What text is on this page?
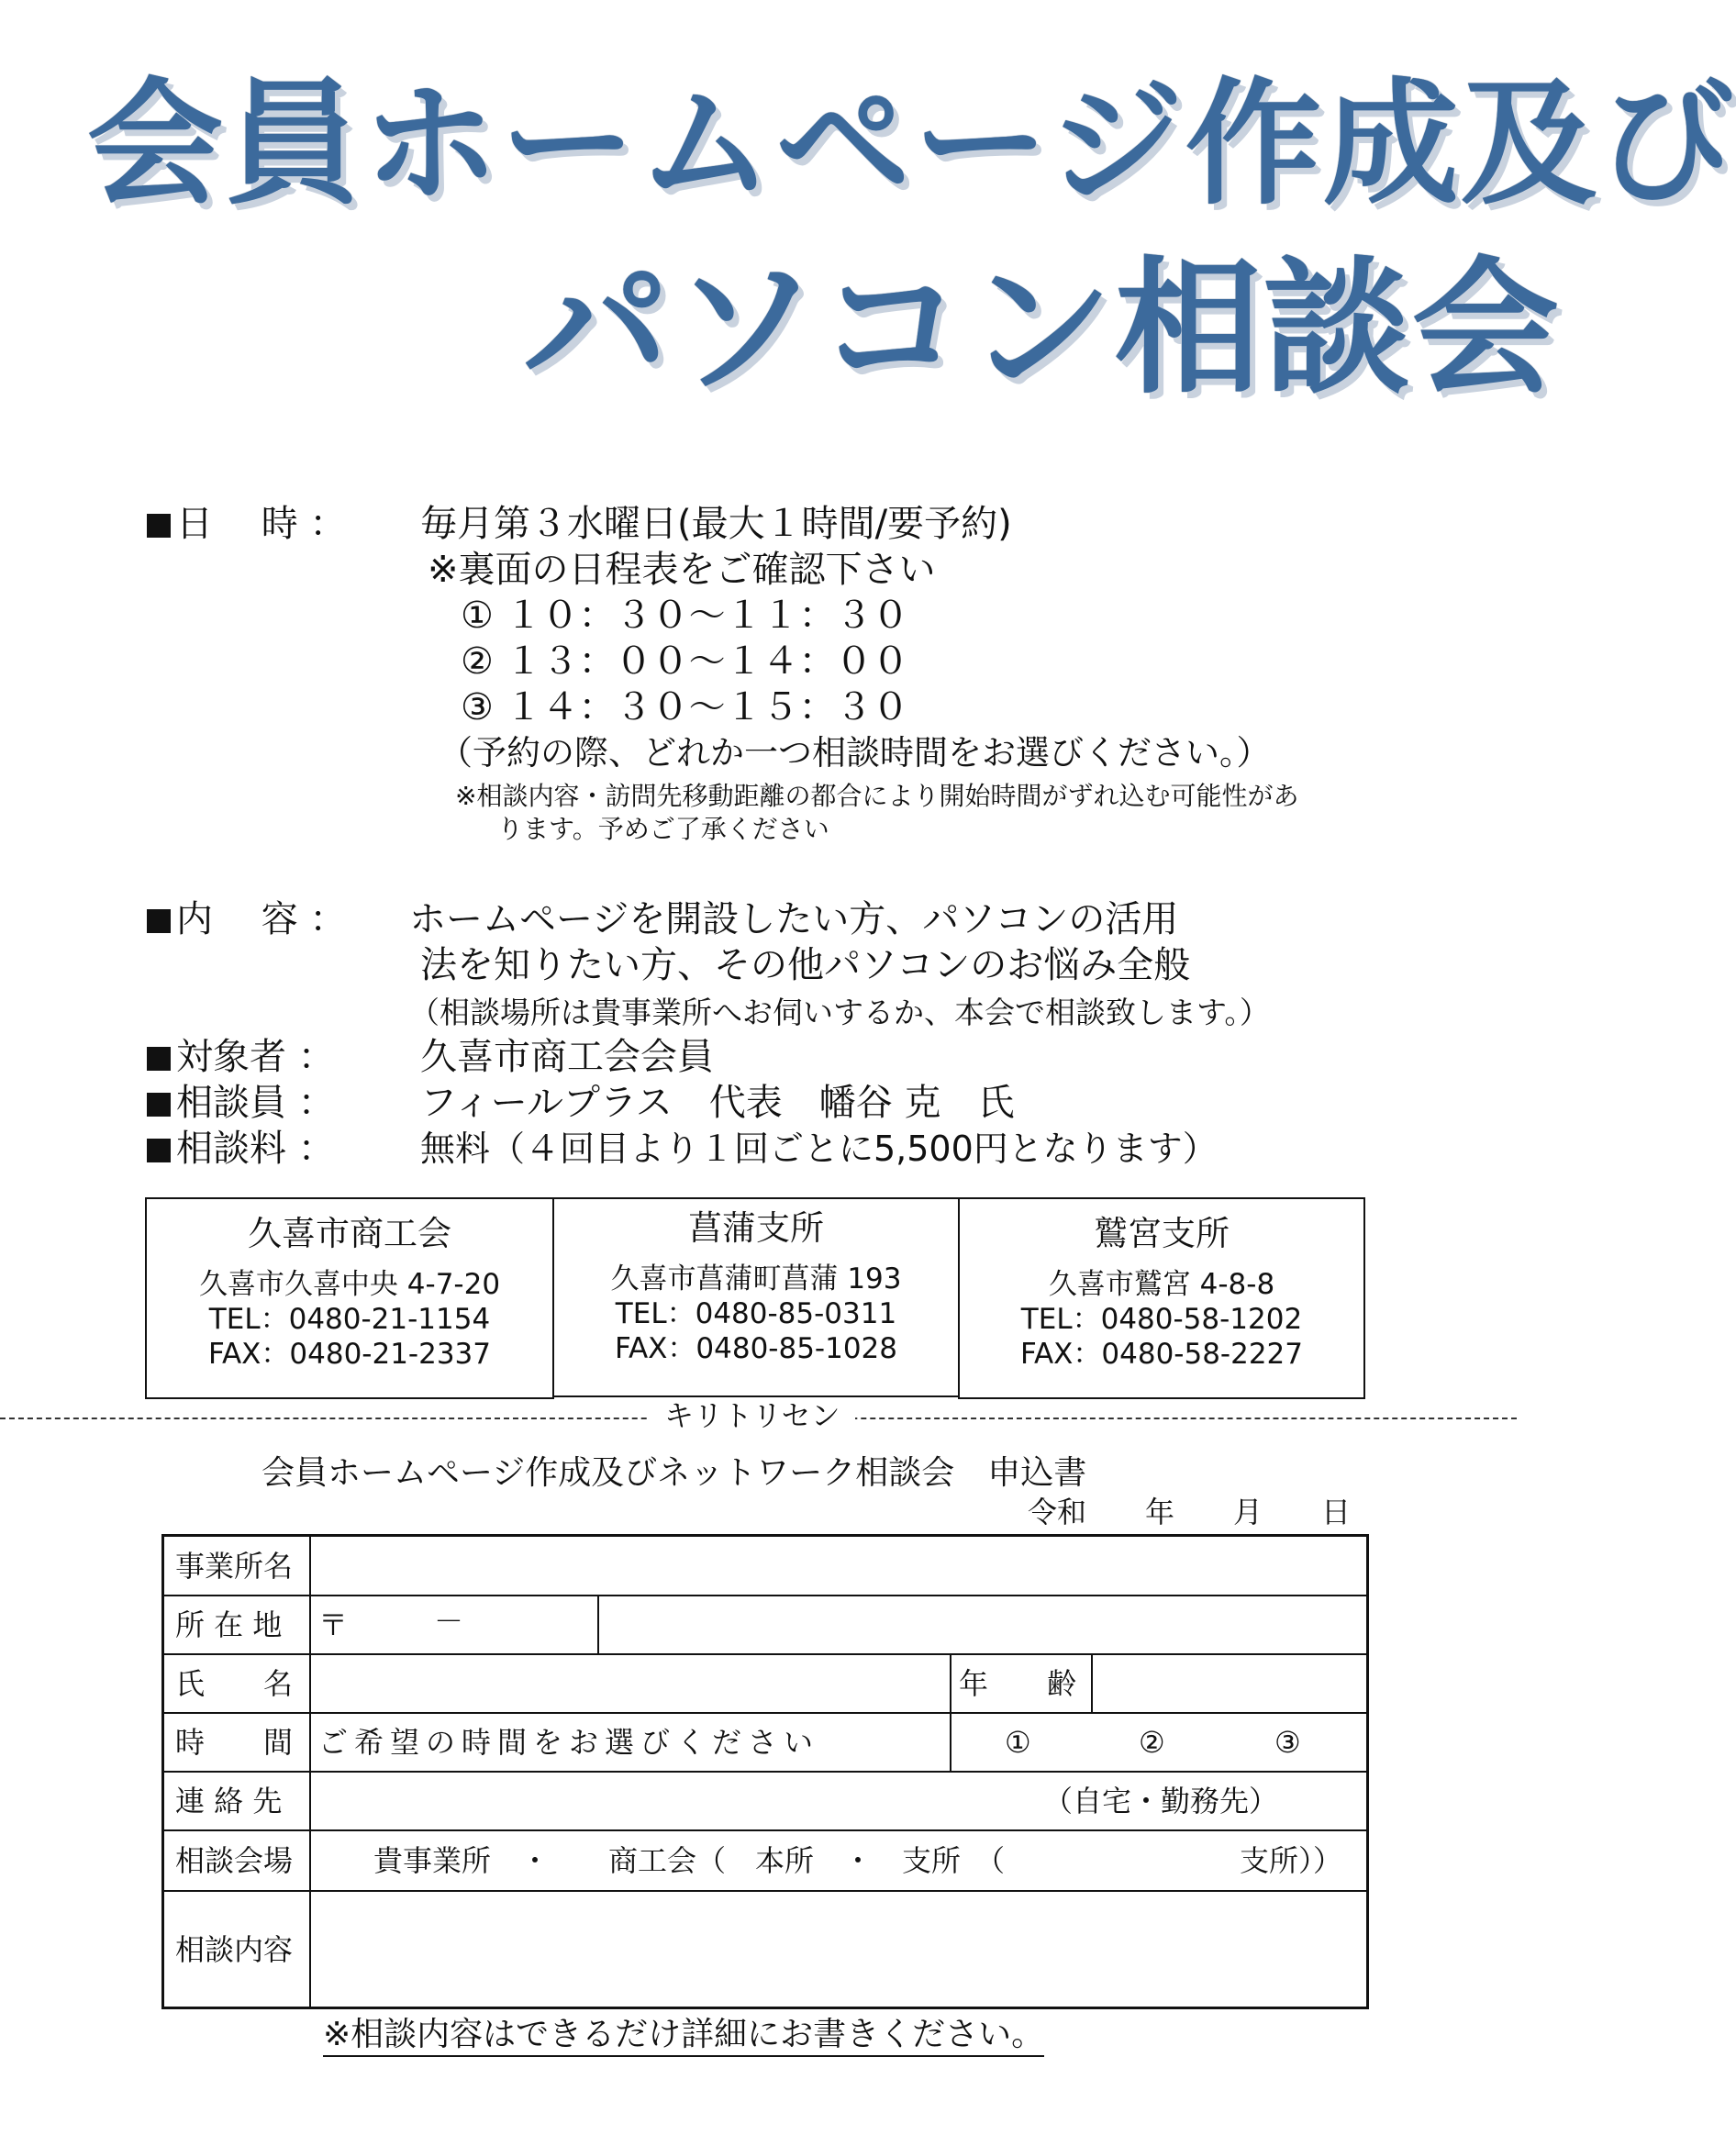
会員ホームページ作成及び
パソコン相談会
日　 時 ： 毎月第３水曜日(最大１時間/要予約)
※裏面の日程表をご確認下さい
① １０：３０～１１：３０
② １３：００～１４：００
③ １４：３０～１５：３０
（予約の際、どれか一つ相談時間をお選びください。）
※相談内容・訪問先移動距離の都合により開始時間がずれ込む可能性があ
ります。予めご了承ください
内　 容 ： ホームページを開設したい方、パソコンの活用
法を知りたい方、その他パソコンのお悩み全般
（相談場所は貴事業所へお伺いするか、本会で相談致します。）
対象者 ： 久喜市商工会会員
相談員 ： フィールプラス　代表　幡谷 克　氏
相談料 ： 無料（４回目より１回ごとに5,500円となります）
久喜市商工会
久喜市久喜中央 4-7-20
TEL：0480-21-1154
FAX：0480-21-2337
菖蒲支所
久喜市菖蒲町菖蒲 193
TEL：0480-85-0311
FAX：0480-85-1028
鷲宮支所
久喜市鷲宮 4-8-8
TEL：0480-58-1202
FAX：0480-58-2227
キリトリセン
会員ホームページ作成及びネットワーク相談会　申込書
令和　　年　　月　　日
事業所名
所 在 地 〒	－
氏　　名	年　　齢
時　　間 ご希望の時間をお選びください	①	②	③
連 絡 先	（自宅・勤務先）
相談会場	貴事業所　・　　商工会（　本所　・　支所　（　　　　　　　　支所））
相談内容
※相談内容はできるだけ詳細にお書きください。
